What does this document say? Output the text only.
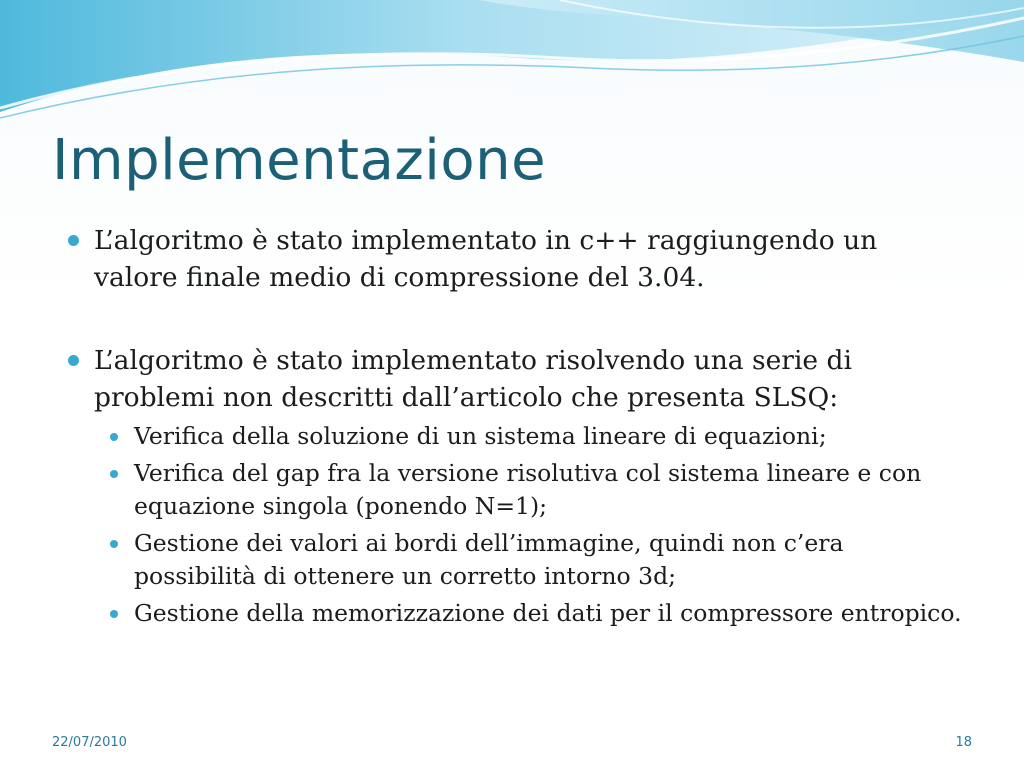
Implementazione
L’algoritmo è stato implementato in c++ raggiungendo un valore finale medio di compressione del 3.04.
L’algoritmo è stato implementato risolvendo una serie di problemi non descritti dall’articolo che presenta SLSQ:
Verifica della soluzione di un sistema lineare di equazioni;
Verifica del gap fra la versione risolutiva col sistema lineare e con equazione singola (ponendo N=1);
Gestione dei valori ai bordi dell’immagine, quindi non c’era possibilità di ottenere un corretto intorno 3d;
Gestione della memorizzazione dei dati per il compressore entropico.
22/07/2010	18
